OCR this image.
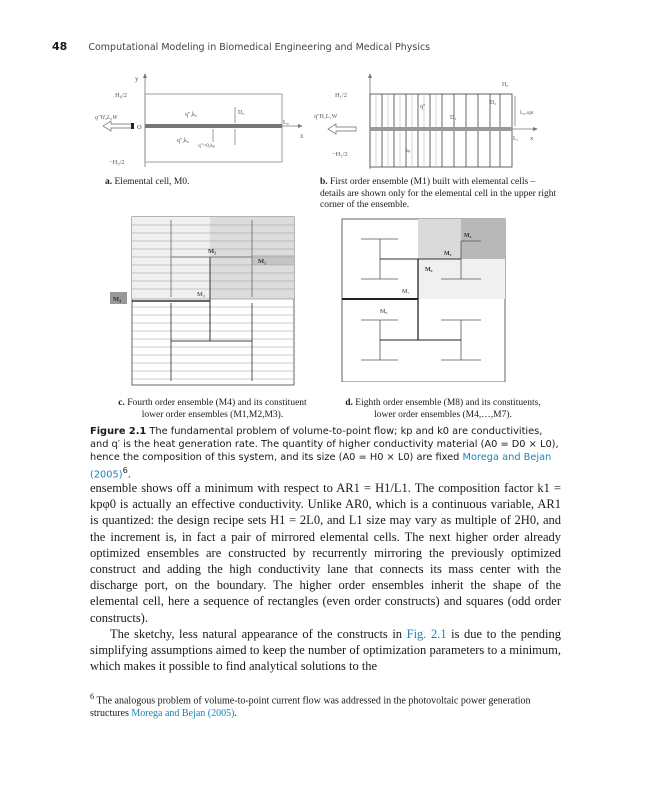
48 Computational Modeling in Biomedical Engineering and Medical Physics
y
x
L₀
H₀/2
−H₀/2
O
q″H₀L₀W	q″,k₀
q″,k₀
q″=0,kₚ
D₀
a. Elemental cell, M0.
q″H₁L₁W
H₁/2
−H₁/2
q″
D₁
kₚ
L₁ x
H₀
D₀
L₀,opt
b. First order ensemble (M1) built with elemental cells – details are shown only for the elemental cell in the upper right corner of the ensemble.
M₂
M₁
M₃
M₄
c. Fourth order ensemble (M4) and its constituent
lower order ensembles (M1,M2,M3).
M₄
M₅
M₆
M₇
M₈
d. Eighth order ensemble (M8) and its constituents,
lower order ensembles (M4,…,M7).
Figure 2.1 The fundamental problem of volume-to-point flow; kp and k0 are conductivities, and q′ is the heat generation rate. The quantity of higher conductivity material (A0 = D0 × L0), hence the composition of this system, and its size (A0 = H0 × L0) are fixed Morega and Bejan $(2005)^6$.

ensemble shows off a minimum with respect to AR1 = H1/L1. The composition factor k1 = kpφ0 is actually an effective conductivity. Unlike AR0, which is a continuous variable, AR1 is quantized: the design recipe sets H1 = 2L0, and L1 size may vary as multiple of 2H0, and the increment is, in fact a pair of mirrored elemental cells. The next higher order already optimized ensembles are constructed by recurrently mirroring the previously optimized construct and adding the high conductivity lane that connects its mass center with the discharge port, on the boundary. The higher order ensembles inherit the shape of the elemental cell, here a sequence of rectangles (even order constructs) and squares (odd order constructs).

The sketchy, less natural appearance of the constructs in Fig. 2.1 is due to the pending simplifying assumptions aimed to keep the number of optimization parameters to a minimum, which makes it possible to find analytical solutions to the

$^6$ The analogous problem of volume-to-point current flow was addressed in the photovoltaic power generation structures Morega and Bejan (2005).
